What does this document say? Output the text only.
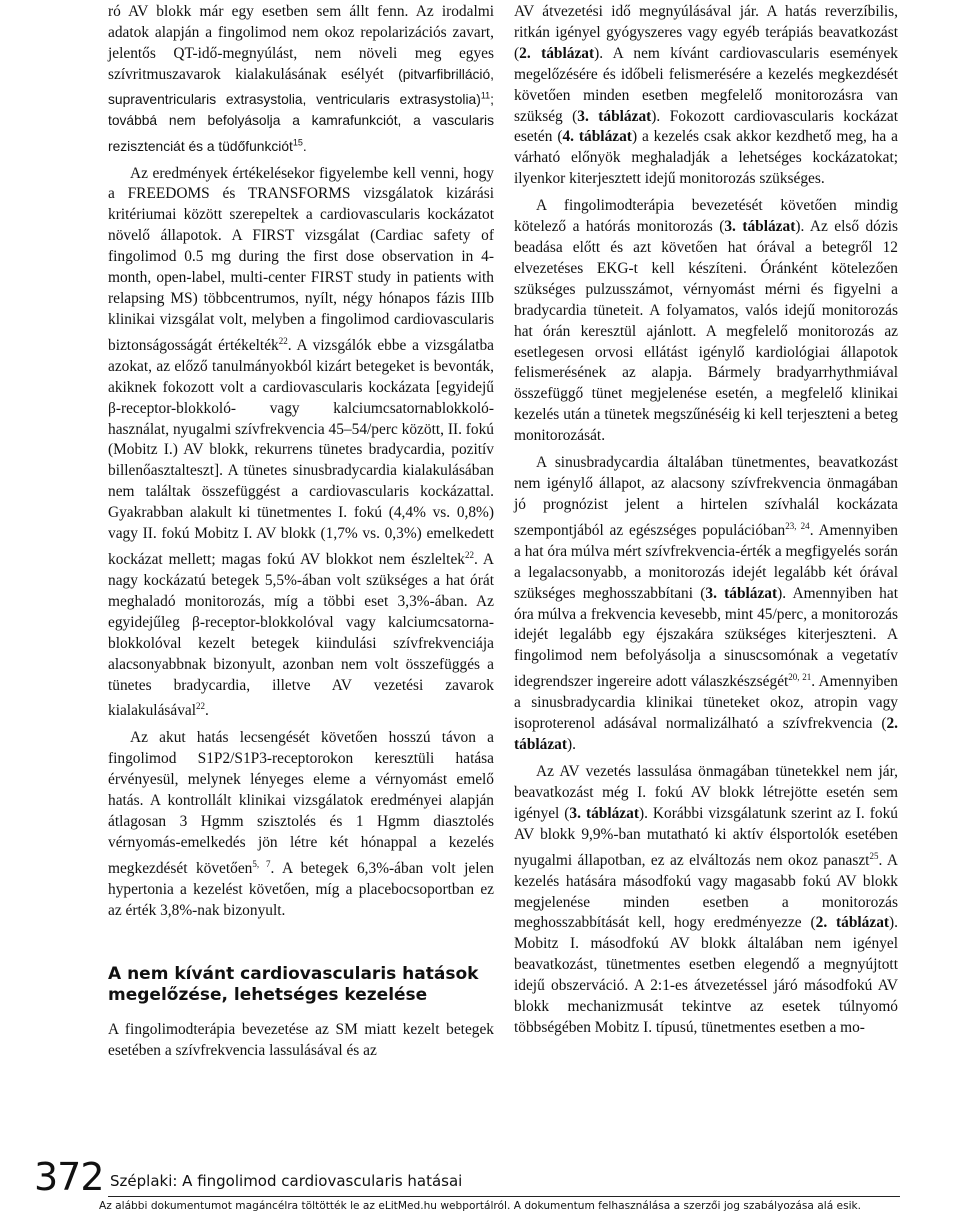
ró AV blokk már egy esetben sem állt fenn. Az irodalmi adatok alapján a fingolimod nem okoz repolarizációs zavart, jelentős QT-idő-megnyúlást, nem növeli meg egyes szívritmuszavarok kialakulásának esélyét (pitvarfibrilláció, supraventricularis extrasystolia, ventricularis extrasystolia)$^{11}$; továbbá nem befolyásolja a kamrafunkciót, a vascularis rezisztenciát és a tüdőfunkciót$^{15}$.

Az eredmények értékelésekor figyelembe kell venni, hogy a FREEDOMS és TRANSFORMS vizsgálatok kizárási kritériumai között szerepeltek a cardiovascularis kockázatot növelő állapotok. A FIRST vizsgálat (Cardiac safety of fingolimod 0.5 mg during the first dose observation in 4-month, open-label, multi-center FIRST study in patients with relapsing MS) többcentrumos, nyílt, négy hónapos fázis IIIb klinikai vizsgálat volt, melyben a fingolimod cardiovascularis biztonságosságát értékelték$^{22}$. A vizsgálók ebbe a vizsgálatba azokat, az előző tanulmányokból kizárt betegeket is bevonták, akiknek fokozott volt a cardiovascularis kockázata [egyidejű β-receptor-blokkoló- vagy kalciumcsatornablokkoló-használat, nyugalmi szívfrekvencia 45–54/perc között, II. fokú (Mobitz I.) AV blokk, rekurrens tünetes bradycardia, pozitív billenőasztalteszt]. A tünetes sinusbradycardia kialakulásában nem találtak összefüggést a cardiovascularis kockázattal. Gyakrabban alakult ki tünetmentes I. fokú (4,4% vs. 0,8%) vagy II. fokú Mobitz I. AV blokk (1,7% vs. 0,3%) emelkedett kockázat mellett; magas fokú AV blokkot nem észleltek$^{22}$. A nagy kockázatú betegek 5,5%-ában volt szükséges a hat órát meghaladó monitorozás, míg a többi eset 3,3%-ában. Az egyidejűleg β-receptor-blokkolóval vagy kalciumcsatorna-blokkolóval kezelt betegek kiindulási szívfrekvenciája alacsonyabbnak bizonyult, azonban nem volt összefüggés a tünetes bradycardia, illetve AV vezetési zavarok kialakulásával$^{22}$.

Az akut hatás lecsengését követően hosszú távon a fingolimod S1P2/S1P3-receptorokon keresztüli hatása érvényesül, melynek lényeges eleme a vérnyomást emelő hatás. A kontrollált klinikai vizsgálatok eredményei alapján átlagosan 3 Hgmm szisztolés és 1 Hgmm diasztolés vérnyomás-emelkedés jön létre két hónappal a kezelés megkezdését követően$^{5, 7}$. A betegek 6,3%-ában volt jelen hypertonia a kezelést követően, míg a placebocsoportban ez az érték 3,8%-nak bizonyult.

A nem kívánt cardiovascularis hatások megelőzése, lehetséges kezelése

A fingolimodterápia bevezetése az SM miatt kezelt betegek esetében a szívfrekvencia lassulásával és az

AV átvezetési idő megnyúlásával jár. A hatás reverzíbilis, ritkán igényel gyógyszeres vagy egyéb terápiás beavatkozást (2. táblázat). A nem kívánt cardiovascularis események megelőzésére és időbeli felismerésére a kezelés megkezdését követően minden esetben megfelelő monitorozásra van szükség (3. táblázat). Fokozott cardiovascularis kockázat esetén (4. táblázat) a kezelés csak akkor kezdhető meg, ha a várható előnyök meghaladják a lehetséges kockázatokat; ilyenkor kiterjesztett idejű monitorozás szükséges.

A fingolimodterápia bevezetését követően mindig kötelező a hatórás monitorozás (3. táblázat). Az első dózis beadása előtt és azt követően hat órával a betegről 12 elvezetéses EKG-t kell készíteni. Óránként kötelezően szükséges pulzusszámot, vérnyomást mérni és figyelni a bradycardia tüneteit. A folyamatos, valós idejű monitorozás hat órán keresztül ajánlott. A megfelelő monitorozás az esetlegesen orvosi ellátást igénylő kardiológiai állapotok felismerésének az alapja. Bármely bradyarrhythmiával összefüggő tünet megjelenése esetén, a megfelelő klinikai kezelés után a tünetek megszűnéséig ki kell terjeszteni a beteg monitorozását.

A sinusbradycardia általában tünetmentes, beavatkozást nem igénylő állapot, az alacsony szívfrekvencia önmagában jó prognózist jelent a hirtelen szívhalál kockázata szempontjából az egészséges populációban$^{23, 24}$. Amennyiben a hat óra múlva mért szívfrekvencia-érték a megfigyelés során a legalacsonyabb, a monitorozás idejét legalább két órával szükséges meghosszabbítani (3. táblázat). Amennyiben hat óra múlva a frekvencia kevesebb, mint 45/perc, a monitorozás idejét legalább egy éjszakára szükséges kiterjeszteni. A fingolimod nem befolyásolja a sinuscsomónak a vegetatív idegrendszer ingereire adott válaszkészségét$^{20, 21}$. Amennyiben a sinusbradycardia klinikai tüneteket okoz, atropin vagy isoproterenol adásával normalizálható a szívfrekvencia (2. táblázat).

Az AV vezetés lassulása önmagában tünetekkel nem jár, beavatkozást még I. fokú AV blokk létrejötte esetén sem igényel (3. táblázat). Korábbi vizsgálatunk szerint az I. fokú AV blokk 9,9%-ban mutatható ki aktív élsportolók esetében nyugalmi állapotban, ez az elváltozás nem okoz panaszt$^{25}$. A kezelés hatására másodfokú vagy magasabb fokú AV blokk megjelenése minden esetben a monitorozás meghosszabbítását kell, hogy eredményezze (2. táblázat). Mobitz I. másodfokú AV blokk általában nem igényel beavatkozást, tünetmentes esetben elegendő a megnyújtott idejű obszerváció. A 2:1-es átvezetéssel járó másodfokú AV blokk mechanizmusát tekintve az esetek túlnyomó többségében Mobitz I. típusú, tünetmentes esetben a mo-

372 Széplaki: A fingolimod cardiovascularis hatásai
Az alábbi dokumentumot magáncélra töltötték le az eLitMed.hu webportálról. A dokumentum felhasználása a szerzői jog szabályozása alá esik.
